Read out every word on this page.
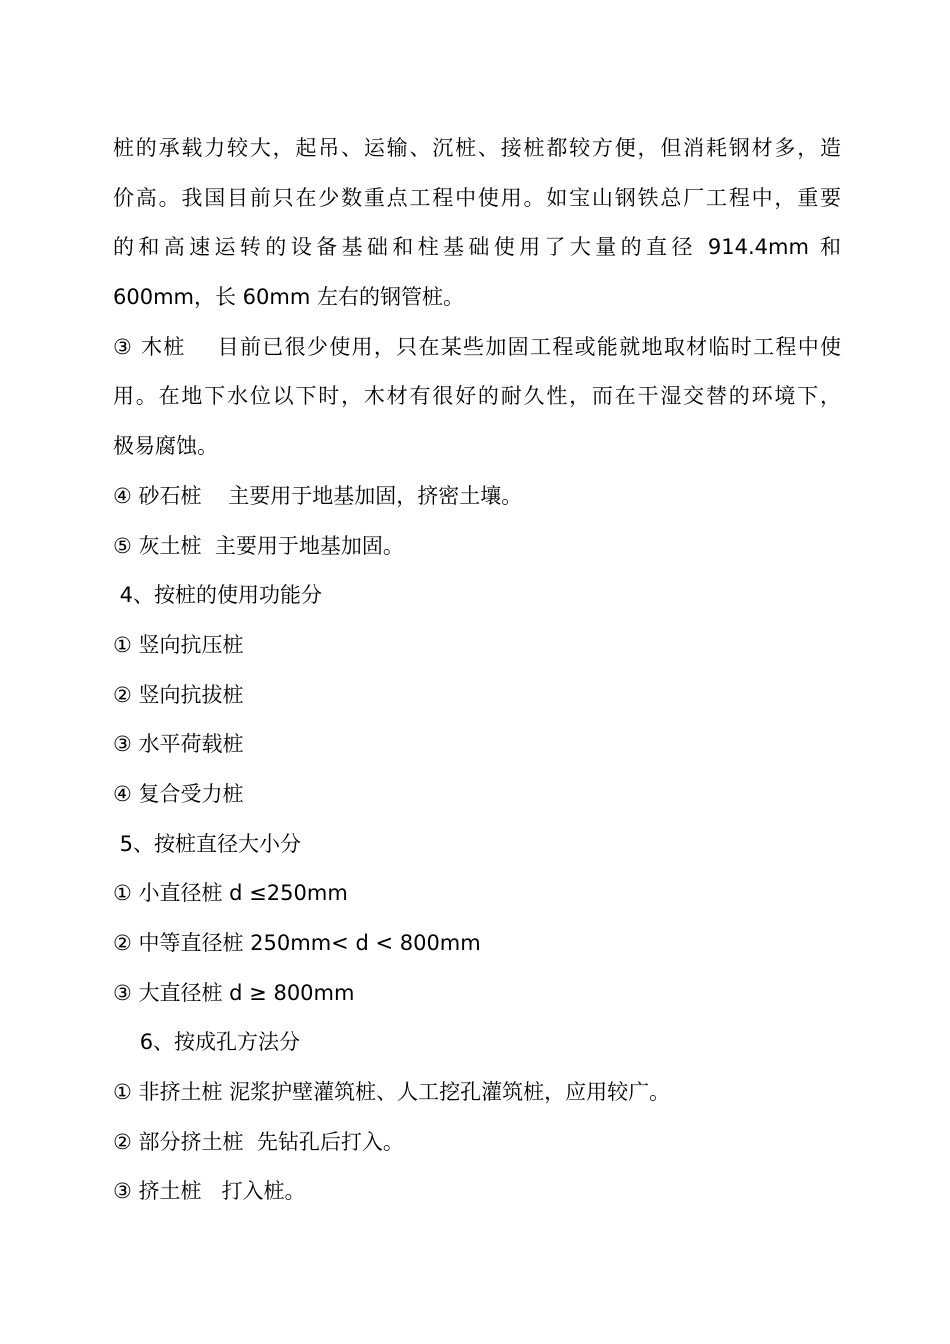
桩的承载力较大，起吊、运输、沉桩、接桩都较方便，但消耗钢材多，造
价高。我国目前只在少数重点工程中使用。如宝山钢铁总厂工程中，重要
的和高速运转的设备基础和柱基础使用了大量的直径 914.4mm 和
600mm，长 60mm 左右的钢管桩。
③ 木桩    目前已很少使用，只在某些加固工程或能就地取材临时工程中使
用。在地下水位以下时，木材有很好的耐久性，而在干湿交替的环境下，
极易腐蚀。
④ 砂石桩    主要用于地基加固，挤密土壤。
⑤ 灰土桩  主要用于地基加固。
4、按桩的使用功能分
① 竖向抗压桩
② 竖向抗拔桩
③ 水平荷载桩
④ 复合受力桩
5、按桩直径大小分
① 小直径桩 d ≤250mm
② 中等直径桩 250mm< d < 800mm
③ 大直径桩 d ≥ 800mm
6、按成孔方法分
① 非挤土桩 泥浆护壁灌筑桩、人工挖孔灌筑桩，应用较广。
② 部分挤土桩  先钻孔后打入。
③ 挤土桩   打入桩。
